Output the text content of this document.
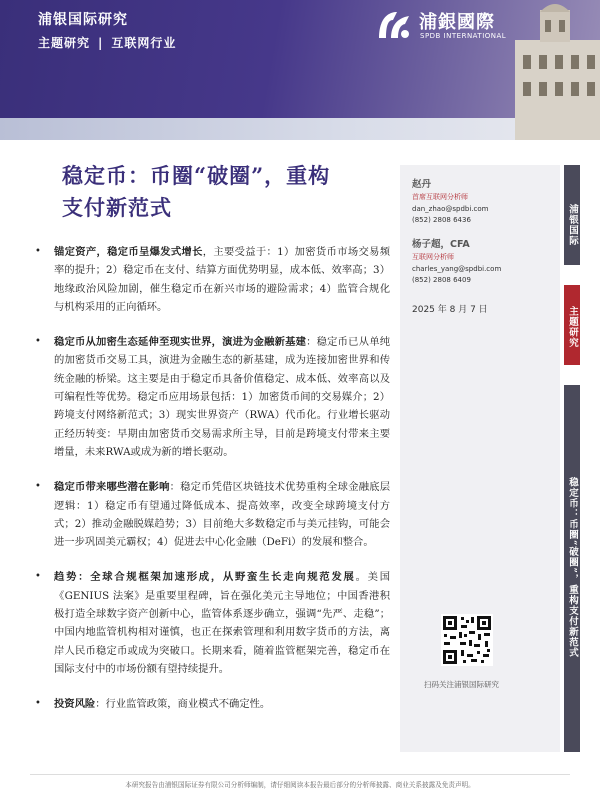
浦银国际研究
主题研究 | 互联网行业
浦銀國際
SPDB INTERNATIONAL
稳定币：币圈“破圈”，重构
支付新范式
• 锚定资产，稳定币呈爆发式增长，主要受益于：1）加密货币市场交易频率的提升；2）稳定币在支付、结算方面优势明显，成本低、效率高；3）地缘政治风险加剧，催生稳定币在新兴市场的避险需求；4）监管合规化与机构采用的正向循环。
• 稳定币从加密生态延伸至现实世界，演进为金融新基建：稳定币已从单纯的加密货币交易工具，演进为金融生态的新基建，成为连接加密世界和传统金融的桥梁。这主要是由于稳定币具备价值稳定、成本低、效率高以及可编程性等优势。稳定币应用场景包括：1）加密货币间的交易媒介；2）跨境支付网络新范式；3）现实世界资产（RWA）代币化。行业增长驱动正经历转变：早期由加密货币交易需求所主导，目前是跨境支付带来主要增量，未来RWA或成为新的增长驱动。
• 稳定币带来哪些潜在影响：稳定币凭借区块链技术优势重构全球金融底层逻辑：1）稳定币有望通过降低成本、提高效率，改变全球跨境支付方式；2）推动金融脱媒趋势；3）目前绝大多数稳定币与美元挂钩，可能会进一步巩固美元霸权；4）促进去中心化金融（DeFi）的发展和整合。
• 趋势：全球合规框架加速形成，从野蛮生长走向规范发展。美国《GENIUS 法案》是重要里程碑，旨在强化美元主导地位；中国香港积极打造全球数字资产创新中心，监管体系逐步确立，强调“先严、走稳”；中国内地监管机构相对谨慎，也正在探索管理和利用数字货币的方法，离岸人民币稳定币或成为突破口。长期来看，随着监管框架完善，稳定币在国际支付中的市场份额有望持续提升。
• 投资风险：行业监管政策，商业模式不确定性。
赵丹
首席互联网分析师
dan_zhao@spdbi.com
(852) 2808 6436
杨子超，CFA
互联网分析师
charles_yang@spdbi.com
(852) 2808 6409
2025 年 8 月 7 日
扫码关注浦银国际研究
浦银国际
主题研究
稳定币：币圈“破圈”，重构支付新范式
本研究报告由浦银国际证券有限公司分析师编制，请仔细阅读本报告最后部分的分析师披露、商业关系披露及免责声明。
